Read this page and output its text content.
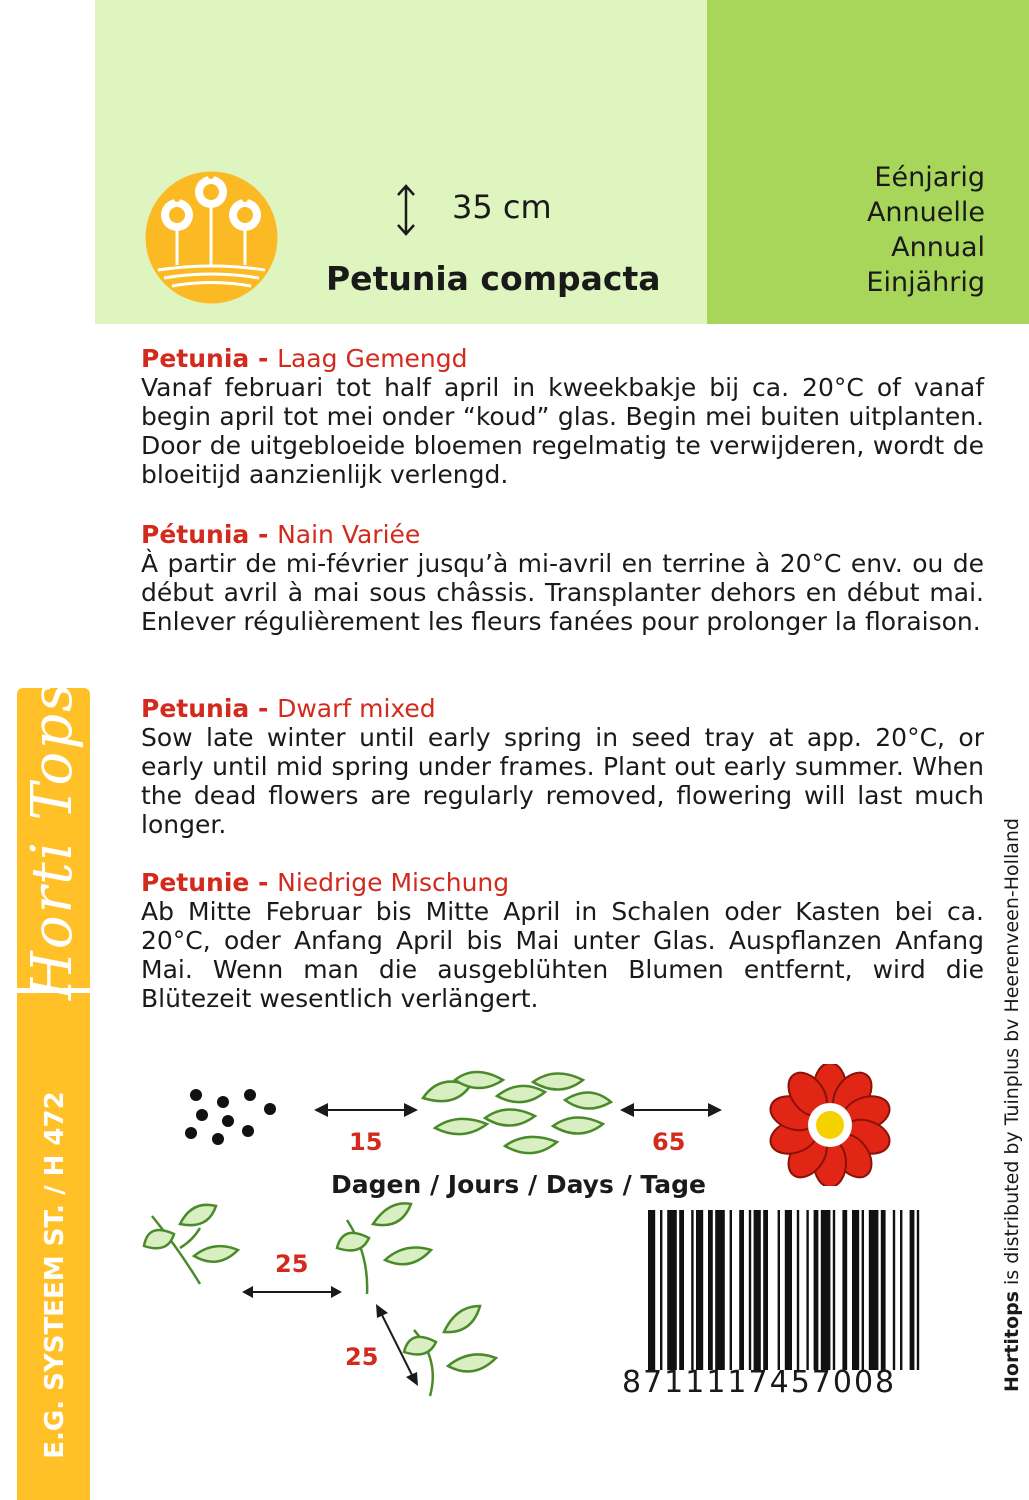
35 cm
Petunia compacta
Eénjarig
Annuelle
Annual
Einjährig
Horti Tops
E.G. SYSTEEM ST. / H 472	Hortitops is distributed by Tuinplus bv Heerenveen-Holland
Petunia - Laag Gemengd
Vanaf februari tot half april in kweekbakje bij ca. 20°C of vanaf begin april tot mei onder “koud” glas. Begin mei buiten uitplanten. Door de uitgebloeide bloemen regelmatig te verwijderen, wordt de bloeitijd aanzienlijk verlengd.
Pétunia - Nain Variée
À partir de mi-février jusqu’à mi-avril en terrine à 20°C env. ou de début avril à mai sous châssis. Transplanter dehors en début mai. Enlever régulièrement les fleurs fanées pour prolonger la floraison.
Petunia - Dwarf mixed
Sow late winter until early spring in seed tray at app. 20°C, or early until mid spring under frames. Plant out early summer. When the dead flowers are regularly removed, flowering will last much longer.
Petunie - Niedrige Mischung
Ab Mitte Februar bis Mitte April in Schalen oder Kasten bei ca. 20°C, oder Anfang April bis Mai unter Glas. Auspflanzen Anfang Mai. Wenn man die ausgeblühten Blumen entfernt, wird die Blütezeit wesentlich verlängert.
15	65
Dagen / Jours / Days / Tage
25
25
8711117457008
